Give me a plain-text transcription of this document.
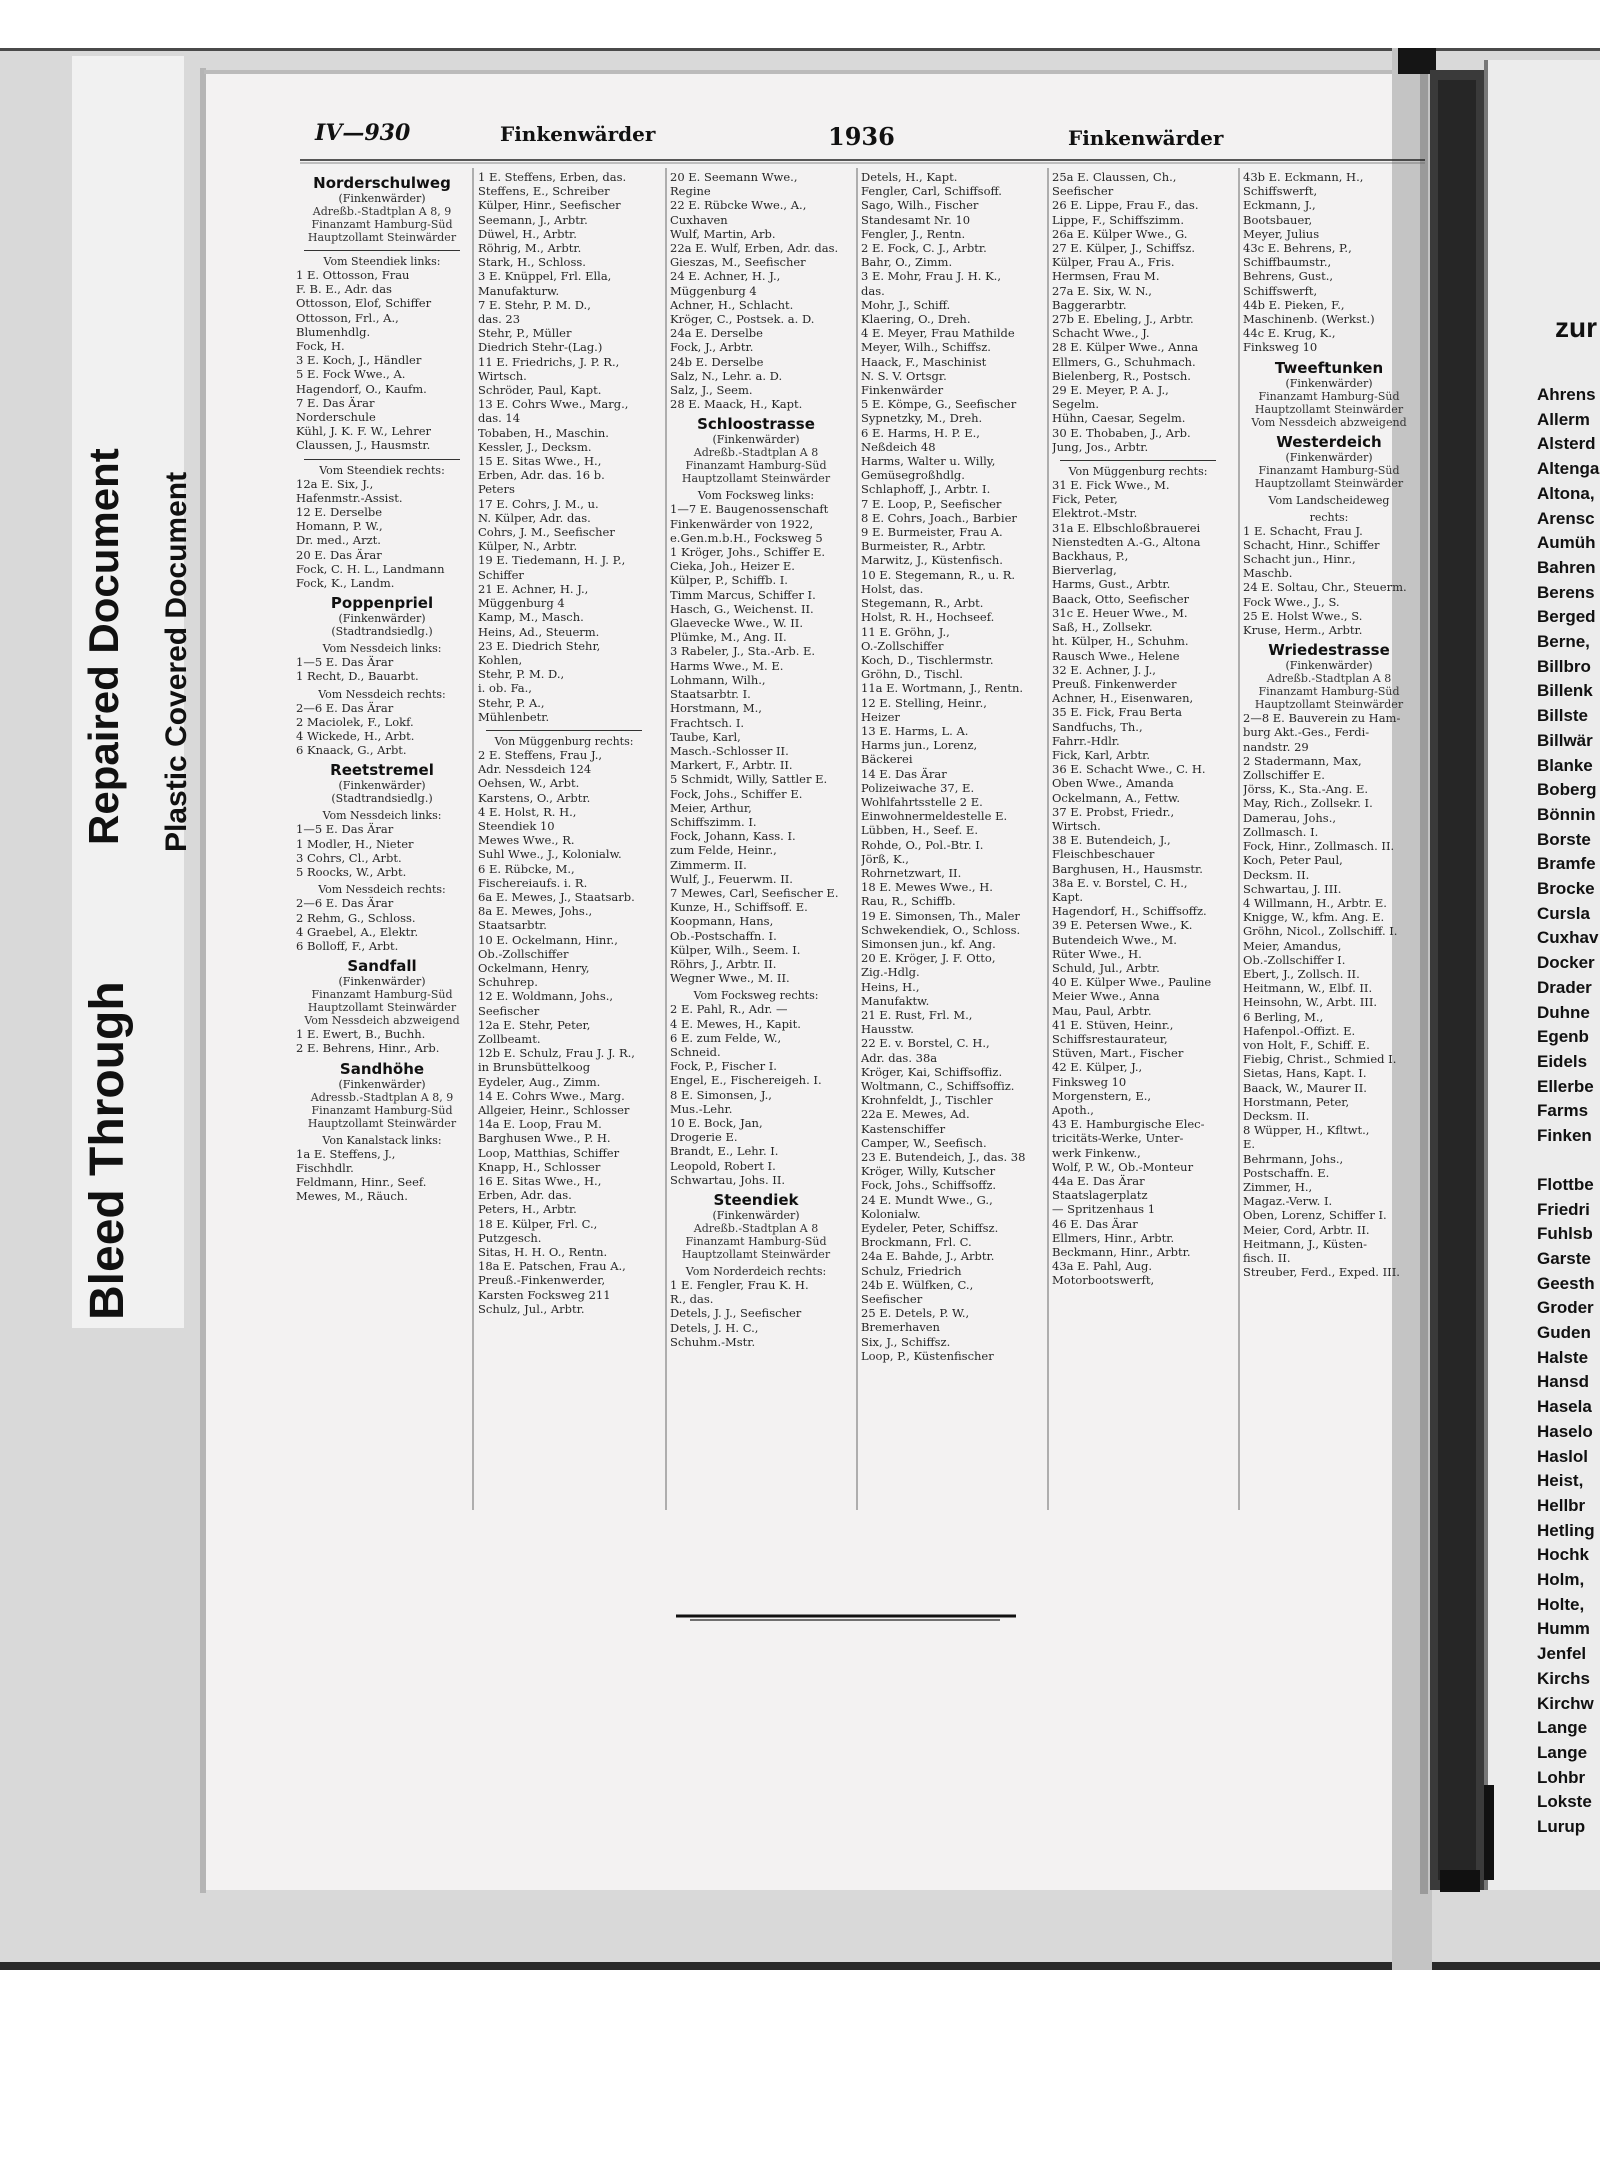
Bleed Through
Repaired Document Plastic Covered Document
IV—930	Finkenwärder	1936	Finkenwärder
Norderschulweg
(Finkenwärder)
Adreßb.-Stadtplan A 8, 9
Finanzamt Hamburg-Süd
Hauptzollamt Steinwärder
Vom Steendiek links:
1 E. Ottosson, Frau
F. B. E., Adr. das
Ottosson, Elof, Schiffer
Ottosson, Frl., A.,
Blumenhdlg.
Fock, H.
3 E. Koch, J., Händler
5 E. Fock Wwe., A.
Hagendorf, O., Kaufm.
7 E. Das Ärar
Norderschule
Kühl, J. K. F. W., Lehrer
Claussen, J., Hausmstr.
Vom Steendiek rechts:
12a E. Six, J.,
Hafenmstr.-Assist.
12 E. Derselbe
Homann, P. W.,
Dr. med., Arzt.
20 E. Das Ärar
Fock, C. H. L., Landmann
Fock, K., Landm.
Poppenpriel
(Finkenwärder)
(Stadtrandsiedlg.)
Vom Nessdeich links:
1—5 E. Das Ärar
1 Recht, D., Bauarbt.
Vom Nessdeich rechts:
2—6 E. Das Ärar
2 Maciolek, F., Lokf.
4 Wickede, H., Arbt.
6 Knaack, G., Arbt.
Reetstremel
(Finkenwärder)
(Stadtrandsiedlg.)
Vom Nessdeich links:
1—5 E. Das Ärar
1 Modler, H., Nieter
3 Cohrs, Cl., Arbt.
5 Roocks, W., Arbt.
Vom Nessdeich rechts:
2—6 E. Das Ärar
2 Rehm, G., Schloss.
4 Graebel, A., Elektr.
6 Bolloff, F., Arbt.
Sandfall
(Finkenwärder)
Finanzamt Hamburg-Süd
Hauptzollamt Steinwärder
Vom Nessdeich abzweigend
1 E. Ewert, B., Buchh.
2 E. Behrens, Hinr., Arb.
Sandhöhe
(Finkenwärder)
Adressb.-Stadtplan A 8, 9
Finanzamt Hamburg-Süd
Hauptzollamt Steinwärder
Von Kanalstack links:
1a E. Steffens, J.,
Fischhdlr.
Feldmann, Hinr., Seef.
Mewes, M., Räuch.
1 E. Steffens, Erben, das.
Steffens, E., Schreiber
Külper, Hinr., Seefischer
Seemann, J., Arbtr.
Düwel, H., Arbtr.
Röhrig, M., Arbtr.
Stark, H., Schloss.
3 E. Knüppel, Frl. Ella,
Manufakturw.
7 E. Stehr, P. M. D.,
das. 23
Stehr, P., Müller
Diedrich Stehr-(Lag.)
11 E. Friedrichs, J. P. R.,
Wirtsch.
Schröder, Paul, Kapt.
13 E. Cohrs Wwe., Marg.,
das. 14
Tobaben, H., Maschin.
Kessler, J., Decksm.
15 E. Sitas Wwe., H.,
Erben, Adr. das. 16 b.
Peters
17 E. Cohrs, J. M., u.
N. Külper, Adr. das.
Cohrs, J. M., Seefischer
Külper, N., Arbtr.
19 E. Tiedemann, H. J. P.,
Schiffer
21 E. Achner, H. J.,
Müggenburg 4
Kamp, M., Masch.
Heins, Ad., Steuerm.
23 E. Diedrich Stehr,
Kohlen,
Stehr, P. M. D.,
i. ob. Fa.,
Stehr, P. A.,
Mühlenbetr.
Von Müggenburg rechts:
2 E. Steffens, Frau J.,
Adr. Nessdeich 124
Oehsen, W., Arbt.
Karstens, O., Arbtr.
4 E. Holst, R. H.,
Steendiek 10
Mewes Wwe., R.
Suhl Wwe., J., Kolonialw.
6 E. Rübcke, M.,
Fischereiaufs. i. R.
6a E. Mewes, J., Staatsarb.
8a E. Mewes, Johs.,
Staatsarbtr.
10 E. Ockelmann, Hinr.,
Ob.-Zollschiffer
Ockelmann, Henry,
Schuhrep.
12 E. Woldmann, Johs.,
Seefischer
12a E. Stehr, Peter,
Zollbeamt.
12b E. Schulz, Frau J. J. R.,
in Brunsbüttelkoog
Eydeler, Aug., Zimm.
14 E. Cohrs Wwe., Marg.
Allgeier, Heinr., Schlosser
14a E. Loop, Frau M.
Barghusen Wwe., P. H.
Loop, Matthias, Schiffer
Knapp, H., Schlosser
16 E. Sitas Wwe., H.,
Erben, Adr. das.
Peters, H., Arbtr.
18 E. Külper, Frl. C.,
Putzgesch.
Sitas, H. H. O., Rentn.
18a E. Patschen, Frau A.,
Preuß.-Finkenwerder,
Karsten Focksweg 211
Schulz, Jul., Arbtr.
20 E. Seemann Wwe.,
Regine
22 E. Rübcke Wwe., A.,
Cuxhaven
Wulf, Martin, Arb.
22a E. Wulf, Erben, Adr. das.
Gieszas, M., Seefischer
24 E. Achner, H. J.,
Müggenburg 4
Achner, H., Schlacht.
Kröger, C., Postsek. a. D.
24a E. Derselbe
Fock, J., Arbtr.
24b E. Derselbe
Salz, N., Lehr. a. D.
Salz, J., Seem.
28 E. Maack, H., Kapt.
Schloostrasse
(Finkenwärder)
Adreßb.-Stadtplan A 8
Finanzamt Hamburg-Süd
Hauptzollamt Steinwärder
Vom Focksweg links:
1—7 E. Baugenossenschaft
Finkenwärder von 1922,
e.Gen.m.b.H., Focksweg 5
1 Kröger, Johs., Schiffer E.
Cieka, Joh., Heizer E.
Külper, P., Schiffb. I.
Timm Marcus, Schiffer I.
Hasch, G., Weichenst. II.
Glaevecke Wwe., W. II.
Plümke, M., Ang. II.
3 Rabeler, J., Sta.-Arb. E.
Harms Wwe., M. E.
Lohmann, Wilh.,
Staatsarbtr. I.
Horstmann, M.,
Frachtsch. I.
Taube, Karl,
Masch.-Schlosser II.
Markert, F., Arbtr. II.
5 Schmidt, Willy, Sattler E.
Fock, Johs., Schiffer E.
Meier, Arthur,
Schiffszimm. I.
Fock, Johann, Kass. I.
zum Felde, Heinr.,
Zimmerm. II.
Wulf, J., Feuerwm. II.
7 Mewes, Carl, Seefischer E.
Kunze, H., Schiffsoff. E.
Koopmann, Hans,
Ob.-Postschaffn. I.
Külper, Wilh., Seem. I.
Röhrs, J., Arbtr. II.
Wegner Wwe., M. II.
Vom Focksweg rechts:
2 E. Pahl, R., Adr. —
4 E. Mewes, H., Kapit.
6 E. zum Felde, W.,
Schneid.
Fock, P., Fischer I.
Engel, E., Fischereigeh. I.
8 E. Simonsen, J.,
Mus.-Lehr.
10 E. Bock, Jan,
Drogerie E.
Brandt, E., Lehr. I.
Leopold, Robert I.
Schwartau, Johs. II.
Steendiek
(Finkenwärder)
Adreßb.-Stadtplan A 8
Finanzamt Hamburg-Süd
Hauptzollamt Steinwärder
Vom Norderdeich rechts:
1 E. Fengler, Frau K. H.
R., das.
Detels, J. J., Seefischer
Detels, J. H. C.,
Schuhm.-Mstr.
Detels, H., Kapt.
Fengler, Carl, Schiffsoff.
Sago, Wilh., Fischer
Standesamt Nr. 10
Fengler, J., Rentn.
2 E. Fock, C. J., Arbtr.
Bahr, O., Zimm.
3 E. Mohr, Frau J. H. K.,
das.
Mohr, J., Schiff.
Klaering, O., Dreh.
4 E. Meyer, Frau Mathilde
Meyer, Wilh., Schiffsz.
Haack, F., Maschinist
N. S. V. Ortsgr.
Finkenwärder
5 E. Kömpe, G., Seefischer
Sypnetzky, M., Dreh.
6 E. Harms, H. P. E.,
Neßdeich 48
Harms, Walter u. Willy,
Gemüsegroßhdlg.
Schlaphoff, J., Arbtr. I.
7 E. Loop, P., Seefischer
8 E. Cohrs, Joach., Barbier
9 E. Burmeister, Frau A.
Burmeister, R., Arbtr.
Marwitz, J., Küstenfisch.
10 E. Stegemann, R., u. R.
Holst, das.
Stegemann, R., Arbt.
Holst, R. H., Hochseef.
11 E. Gröhn, J.,
O.-Zollschiffer
Koch, D., Tischlermstr.
Gröhn, D., Tischl.
11a E. Wortmann, J., Rentn.
12 E. Stelling, Heinr.,
Heizer
13 E. Harms, L. A.
Harms jun., Lorenz,
Bäckerei
14 E. Das Ärar
Polizeiwache 37, E.
Wohlfahrtsstelle 2 E.
Einwohnermeldestelle E.
Lübben, H., Seef. E.
Rohde, O., Pol.-Btr. I.
Jörß, K.,
Rohrnetzwart, II.
18 E. Mewes Wwe., H.
Rau, R., Schiffb.
19 E. Simonsen, Th., Maler
Schwekendiek, O., Schloss.
Simonsen jun., kf. Ang.
20 E. Kröger, J. F. Otto,
Zig.-Hdlg.
Heins, H.,
Manufaktw.
21 E. Rust, Frl. M.,
Hausstw.
22 E. v. Borstel, C. H.,
Adr. das. 38a
Kröger, Kai, Schiffsoffiz.
Woltmann, C., Schiffsoffiz.
Krohnfeldt, J., Tischler
22a E. Mewes, Ad.
Kastenschiffer
Camper, W., Seefisch.
23 E. Butendeich, J., das. 38
Kröger, Willy, Kutscher
Fock, Johs., Schiffsoffz.
24 E. Mundt Wwe., G.,
Kolonialw.
Eydeler, Peter, Schiffsz.
Brockmann, Frl. C.
24a E. Bahde, J., Arbtr.
Schulz, Friedrich
24b E. Wülfken, C.,
Seefischer
25 E. Detels, P. W.,
Bremerhaven
Six, J., Schiffsz.
Loop, P., Küstenfischer
25a E. Claussen, Ch.,
Seefischer
26 E. Lippe, Frau F., das.
Lippe, F., Schiffszimm.
26a E. Külper Wwe., G.
27 E. Külper, J., Schiffsz.
Külper, Frau A., Fris.
Hermsen, Frau M.
27a E. Six, W. N.,
Baggerarbtr.
27b E. Ebeling, J., Arbtr.
Schacht Wwe., J.
28 E. Külper Wwe., Anna
Ellmers, G., Schuhmach.
Bielenberg, R., Postsch.
29 E. Meyer, P. A. J.,
Segelm.
Hühn, Caesar, Segelm.
30 E. Thobaben, J., Arb.
Jung, Jos., Arbtr.
Von Müggenburg rechts:
31 E. Fick Wwe., M.
Fick, Peter,
Elektrot.-Mstr.
31a E. Elbschloßbrauerei
Nienstedten A.-G., Altona
Backhaus, P.,
Bierverlag,
Harms, Gust., Arbtr.
Baack, Otto, Seefischer
31c E. Heuer Wwe., M.
Saß, H., Zollsekr.
ht. Külper, H., Schuhm.
Rausch Wwe., Helene
32 E. Achner, J. J.,
Preuß. Finkenwerder
Achner, H., Eisenwaren,
35 E. Fick, Frau Berta
Sandfuchs, Th.,
Fahrr.-Hdlr.
Fick, Karl, Arbtr.
36 E. Schacht Wwe., C. H.
Oben Wwe., Amanda
Ockelmann, A., Fettw.
37 E. Probst, Friedr.,
Wirtsch.
38 E. Butendeich, J.,
Fleischbeschauer
Barghusen, H., Hausmstr.
38a E. v. Borstel, C. H.,
Kapt.
Hagendorf, H., Schiffsoffz.
39 E. Petersen Wwe., K.
Butendeich Wwe., M.
Rüter Wwe., H.
Schuld, Jul., Arbtr.
40 E. Külper Wwe., Pauline
Meier Wwe., Anna
Mau, Paul, Arbtr.
41 E. Stüven, Heinr.,
Schiffsrestaurateur,
Stüven, Mart., Fischer
42 E. Külper, J.,
Finksweg 10
Morgenstern, E.,
Apoth.,
43 E. Hamburgische Elec-
tricitäts-Werke, Unter-
werk Finkenw.,
Wolf, P. W., Ob.-Monteur
44a E. Das Ärar
Staatslagerplatz
— Spritzenhaus 1
46 E. Das Ärar
Ellmers, Hinr., Arbtr.
Beckmann, Hinr., Arbtr.
43a E. Pahl, Aug.
Motorbootswerft,
43b E. Eckmann, H.,
Schiffswerft,
Eckmann, J.,
Bootsbauer,
Meyer, Julius
43c E. Behrens, P.,
Schiffbaumstr.,
Behrens, Gust.,
Schiffswerft,
44b E. Pieken, F.,
Maschinenb. (Werkst.)
44c E. Krug, K.,
Finksweg 10
Tweeftunken
(Finkenwärder)
Finanzamt Hamburg-Süd
Hauptzollamt Steinwärder
Vom Nessdeich abzweigend
Westerdeich
(Finkenwärder)
Finanzamt Hamburg-Süd
Hauptzollamt Steinwärder
Vom Landscheideweg
rechts:
1 E. Schacht, Frau J.
Schacht, Hinr., Schiffer
Schacht jun., Hinr.,
Maschb.
24 E. Soltau, Chr., Steuerm.
Fock Wwe., J., S.
25 E. Holst Wwe., S.
Kruse, Herm., Arbtr.
Wriedestrasse
(Finkenwärder)
Adreßb.-Stadtplan A 8
Finanzamt Hamburg-Süd
Hauptzollamt Steinwärder
2—8 E. Bauverein zu Ham-
burg Akt.-Ges., Ferdi-
nandstr. 29
2 Stadermann, Max,
Zollschiffer E.
Jörss, K., Sta.-Ang. E.
May, Rich., Zollsekr. I.
Damerau, Johs.,
Zollmasch. I.
Fock, Hinr., Zollmasch. II.
Koch, Peter Paul,
Decksm. II.
Schwartau, J. III.
4 Willmann, H., Arbtr. E.
Knigge, W., kfm. Ang. E.
Gröhn, Nicol., Zollschiff. I.
Meier, Amandus,
Ob.-Zollschiffer I.
Ebert, J., Zollsch. II.
Heitmann, W., Elbf. II.
Heinsohn, W., Arbt. III.
6 Berling, M.,
Hafenpol.-Offizt. E.
von Holt, F., Schiff. E.
Fiebig, Christ., Schmied I.
Sietas, Hans, Kapt. I.
Baack, W., Maurer II.
Horstmann, Peter,
Decksm. II.
8 Wüpper, H., Kfltwt.,
E.
Behrmann, Johs.,
Postschaffn. E.
Zimmer, H.,
Magaz.-Verw. I.
Oben, Lorenz, Schiffer I.
Meier, Cord, Arbtr. II.
Heitmann, J., Küsten-
fisch. II.
Streuber, Ferd., Exped. III.
zur
Ahrens
Allerm
Alsterd
Altenga
Altona,
Arensc
Aumüh
Bahren
Berens
Berged
Berne,
Billbro
Billenk
Billste
Billwär
Blanke
Boberg
Bönnin
Borste
Bramfe
Brocke
Cursla
Cuxhav
Docker
Drader
Duhne
Egenb
Eidels
Ellerbe
Farms
Finken
Flottbe
Friedri
Fuhlsb
Garste
Geesth
Groder
Guden
Halste
Hansd
Hasela
Haselo
Haslol
Heist,
Hellbr
Hetling
Hochk
Holm,
Holte,
Humm
Jenfel
Kirchs
Kirchw
Lange
Lange
Lohbr
Lokste
Lurup
